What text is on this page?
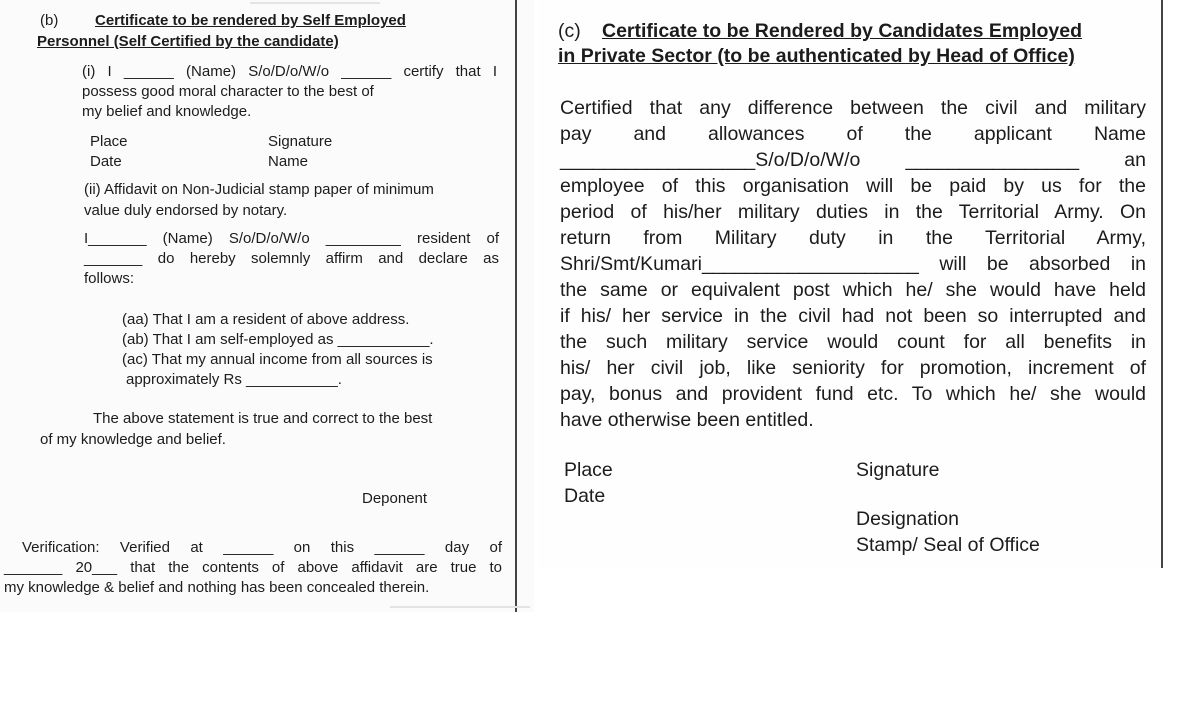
(b) Certificate to be rendered by Self Employed
Personnel (Self Certified by the candidate)
(i) I ______ (Name) S/o/D/o/W/o ______ certify that I
possess good moral character to the best of
my belief and knowledge.
Place	Signature
Date	Name
(ii) Affidavit on Non-Judicial stamp paper of minimum
value duly endorsed by notary.
I_______ (Name) S/o/D/o/W/o _________ resident of
_______ do hereby solemnly affirm and declare as
follows:
(aa) That I am a resident of above address.
(ab) That I am self-employed as ___________.
(ac) That my annual income from all sources is
approximately Rs ___________.
The above statement is true and correct to the best
of my knowledge and belief.
Deponent
Verification: Verified at ______ on this ______ day of
_______ 20___ that the contents of above affidavit are true to
my knowledge & belief and nothing has been concealed therein.
(c) Certificate to be Rendered by Candidates Employed
in Private Sector (to be authenticated by Head of Office)
Certified that any difference between the civil and military
pay and allowances of the applicant Name
__________________S/o/D/o/W/o ________________ an
employee of this organisation will be paid by us for the
period of his/her military duties in the Territorial Army. On
return from Military duty in the Territorial Army,
Shri/Smt/Kumari____________________ will be absorbed in
the same or equivalent post which he/ she would have held
if his/ her service in the civil had not been so interrupted and
the such military service would count for all benefits in
his/ her civil job, like seniority for promotion, increment of
pay, bonus and provident fund etc. To which he/ she would
have otherwise been entitled.
Place
Date
Signature
Designation
Stamp/ Seal of Office
